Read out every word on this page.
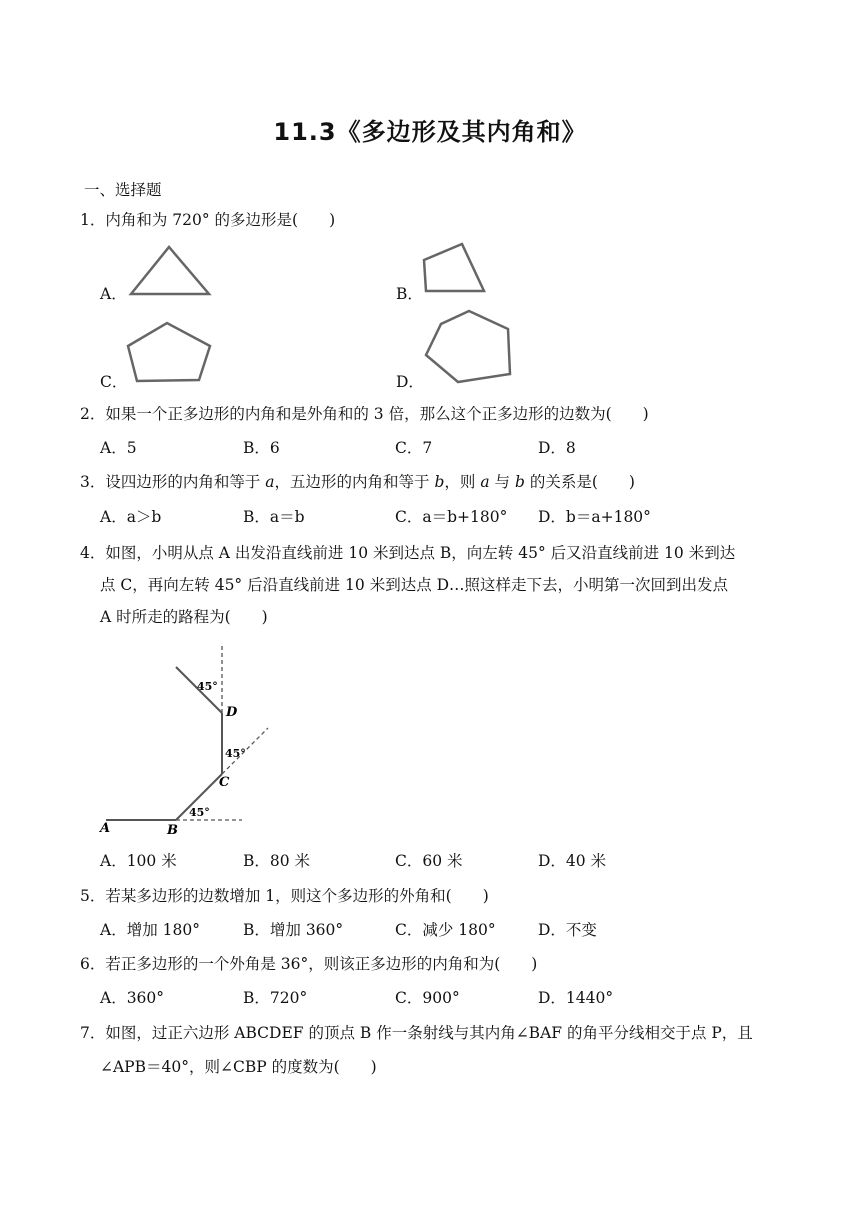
11.3《多边形及其内角和》
一、选择题
1．内角和为 720° 的多边形是(　　)
A．	B．
C．	D．
2．如果一个正多边形的内角和是外角和的 3 倍，那么这个正多边形的边数为(　　)
A．5	B．6	C．7	D．8
3．设四边形的内角和等于 a，五边形的内角和等于 b，则 a 与 b 的关系是(　　)
A．a＞b	B．a＝b	C．a＝b+180° D．b＝a+180°
4．如图，小明从点 A 出发沿直线前进 10 米到达点 B，向左转 45° 后又沿直线前进 10 米到达
点 C，再向左转 45° 后沿直线前进 10 米到达点 D…照这样走下去，小明第一次回到出发点
A 时所走的路程为(　　)
A	B
C
D
45°
45°
45°
A．100 米	B．80 米	C．60 米	D．40 米
5．若某多边形的边数增加 1，则这个多边形的外角和(　　)
A．增加 180°	B．增加 360°	C．减少 180°	D．不变
6．若正多边形的一个外角是 36°，则该正多边形的内角和为(　　)
A．360°	B．720°	C．900°	D．1440°
7．如图，过正六边形 ABCDEF 的顶点 B 作一条射线与其内角∠BAF 的角平分线相交于点 P，且
∠APB＝40°，则∠CBP 的度数为(　　)
